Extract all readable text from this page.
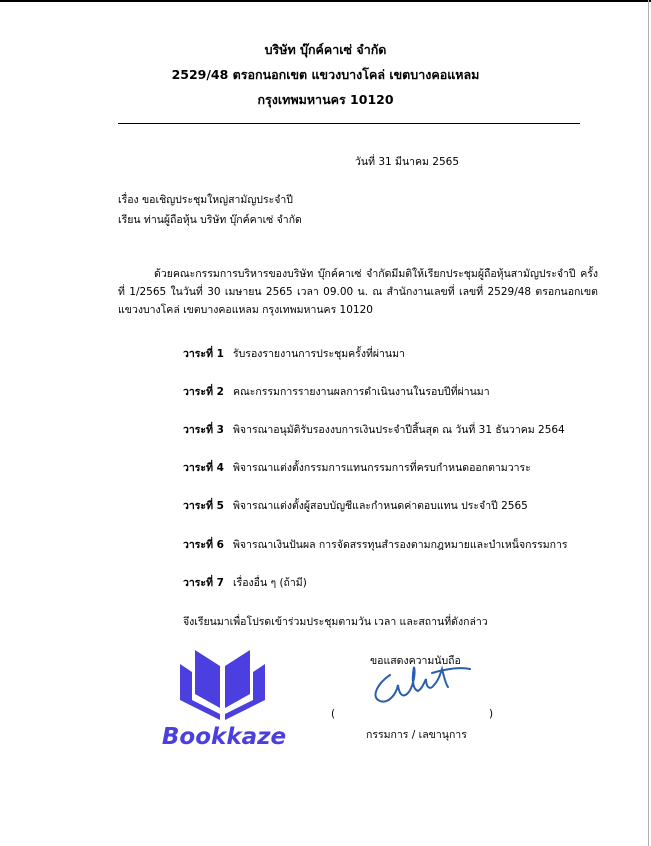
บริษัท บุ๊กค์คาเซ่ จำกัด
2529/48 ตรอกนอกเขต แขวงบางโคล่ เขตบางคอแหลม
กรุงเทพมหานคร 10120
วันที่ 31 มีนาคม 2565
เรื่อง ขอเชิญประชุมใหญ่สามัญประจำปี
เรียน ท่านผู้ถือหุ้น บริษัท บุ๊กค์คาเซ่ จำกัด
ด้วยคณะกรรมการบริหารของบริษัท บุ๊กค์คาเซ่ จำกัดมีมติให้เรียกประชุมผู้ถือหุ้นสามัญประจำปี ครั้งที่ 1/2565 ในวันที่ 30 เมษายน 2565 เวลา 09.00 น. ณ สำนักงานเลขที่ เลขที่ 2529/48 ตรอกนอกเขต แขวงบางโคล่ เขตบางคอแหลม กรุงเทพมหานคร 10120
วาระที่ 1 รับรองรายงานการประชุมครั้งที่ผ่านมา
วาระที่ 2 คณะกรรมการรายงานผลการดำเนินงานในรอบปีที่ผ่านมา
วาระที่ 3 พิจารณาอนุมัติรับรองงบการเงินประจำปีสิ้นสุด ณ วันที่ 31 ธันวาคม 2564
วาระที่ 4 พิจารณาแต่งตั้งกรรมการแทนกรรมการที่ครบกำหนดออกตามวาระ
วาระที่ 5 พิจารณาแต่งตั้งผู้สอบบัญชีและกำหนดค่าตอบแทน ประจำปี 2565
วาระที่ 6 พิจารณาเงินปันผล การจัดสรรทุนสำรองตามกฎหมายและบำเหน็จกรรมการ
วาระที่ 7 เรื่องอื่น ๆ (ถ้ามี)
จึงเรียนมาเพื่อโปรดเข้าร่วมประชุมตามวัน เวลา และสถานที่ดังกล่าว
Bookkaze
ขอแสดงความนับถือ
(	)
กรรมการ / เลขานุการ
